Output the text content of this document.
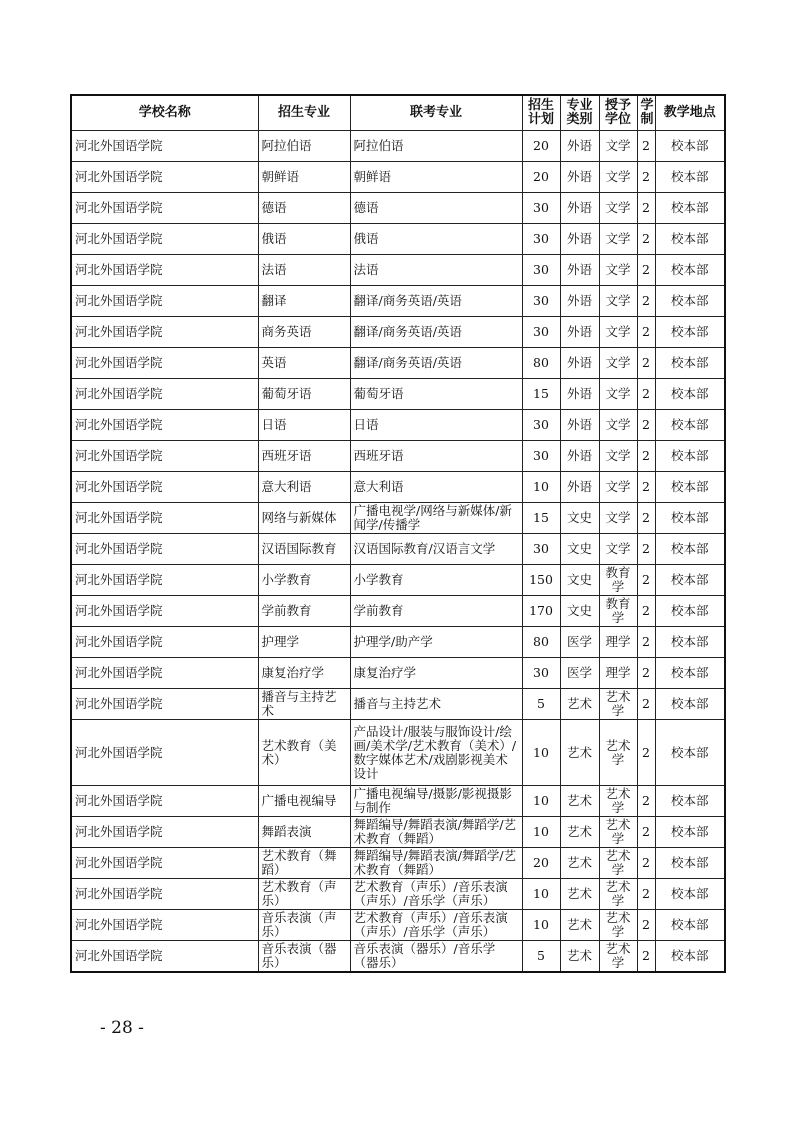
学校名称	招生专业	联考专业	招生计划	专业类别	授予学位	学制	教学地点
河北外国语学院	阿拉伯语	阿拉伯语	20	外语	文学	2	校本部
河北外国语学院	朝鲜语	朝鲜语	20	外语	文学	2	校本部
河北外国语学院	德语	德语	30	外语	文学	2	校本部
河北外国语学院	俄语	俄语	30	外语	文学	2	校本部
河北外国语学院	法语	法语	30	外语	文学	2	校本部
河北外国语学院	翻译	翻译/商务英语/英语	30	外语	文学	2	校本部
河北外国语学院	商务英语	翻译/商务英语/英语	30	外语	文学	2	校本部
河北外国语学院	英语	翻译/商务英语/英语	80	外语	文学	2	校本部
河北外国语学院	葡萄牙语	葡萄牙语	15	外语	文学	2	校本部
河北外国语学院	日语	日语	30	外语	文学	2	校本部
河北外国语学院	西班牙语	西班牙语	30	外语	文学	2	校本部
河北外国语学院	意大利语	意大利语	10	外语	文学	2	校本部
河北外国语学院	网络与新媒体	广播电视学/网络与新媒体/新闻学/传播学	15	文史	文学	2	校本部
河北外国语学院	汉语国际教育	汉语国际教育/汉语言文学	30	文史	文学	2	校本部
河北外国语学院	小学教育	小学教育	150	文史	教育学	2	校本部
河北外国语学院	学前教育	学前教育	170	文史	教育学	2	校本部
河北外国语学院	护理学	护理学/助产学	80	医学	理学	2	校本部
河北外国语学院	康复治疗学	康复治疗学	30	医学	理学	2	校本部
河北外国语学院	播音与主持艺术	播音与主持艺术	5	艺术	艺术学	2	校本部
河北外国语学院	艺术教育（美术）	产品设计/服装与服饰设计/绘画/美术学/艺术教育（美术）/数字媒体艺术/戏剧影视美术设计	10	艺术	艺术学	2	校本部
河北外国语学院	广播电视编导	广播电视编导/摄影/影视摄影与制作	10	艺术	艺术学	2	校本部
河北外国语学院	舞蹈表演	舞蹈编导/舞蹈表演/舞蹈学/艺术教育（舞蹈）	10	艺术	艺术学	2	校本部
河北外国语学院	艺术教育（舞蹈）	舞蹈编导/舞蹈表演/舞蹈学/艺术教育（舞蹈）	20	艺术	艺术学	2	校本部
河北外国语学院	艺术教育（声乐）	艺术教育（声乐）/音乐表演（声乐）/音乐学（声乐）	10	艺术	艺术学	2	校本部
河北外国语学院	音乐表演（声乐）	艺术教育（声乐）/音乐表演（声乐）/音乐学（声乐）	10	艺术	艺术学	2	校本部
河北外国语学院	音乐表演（器乐）	音乐表演（器乐）/音乐学（器乐）	5	艺术	艺术学	2	校本部
- 28 -
